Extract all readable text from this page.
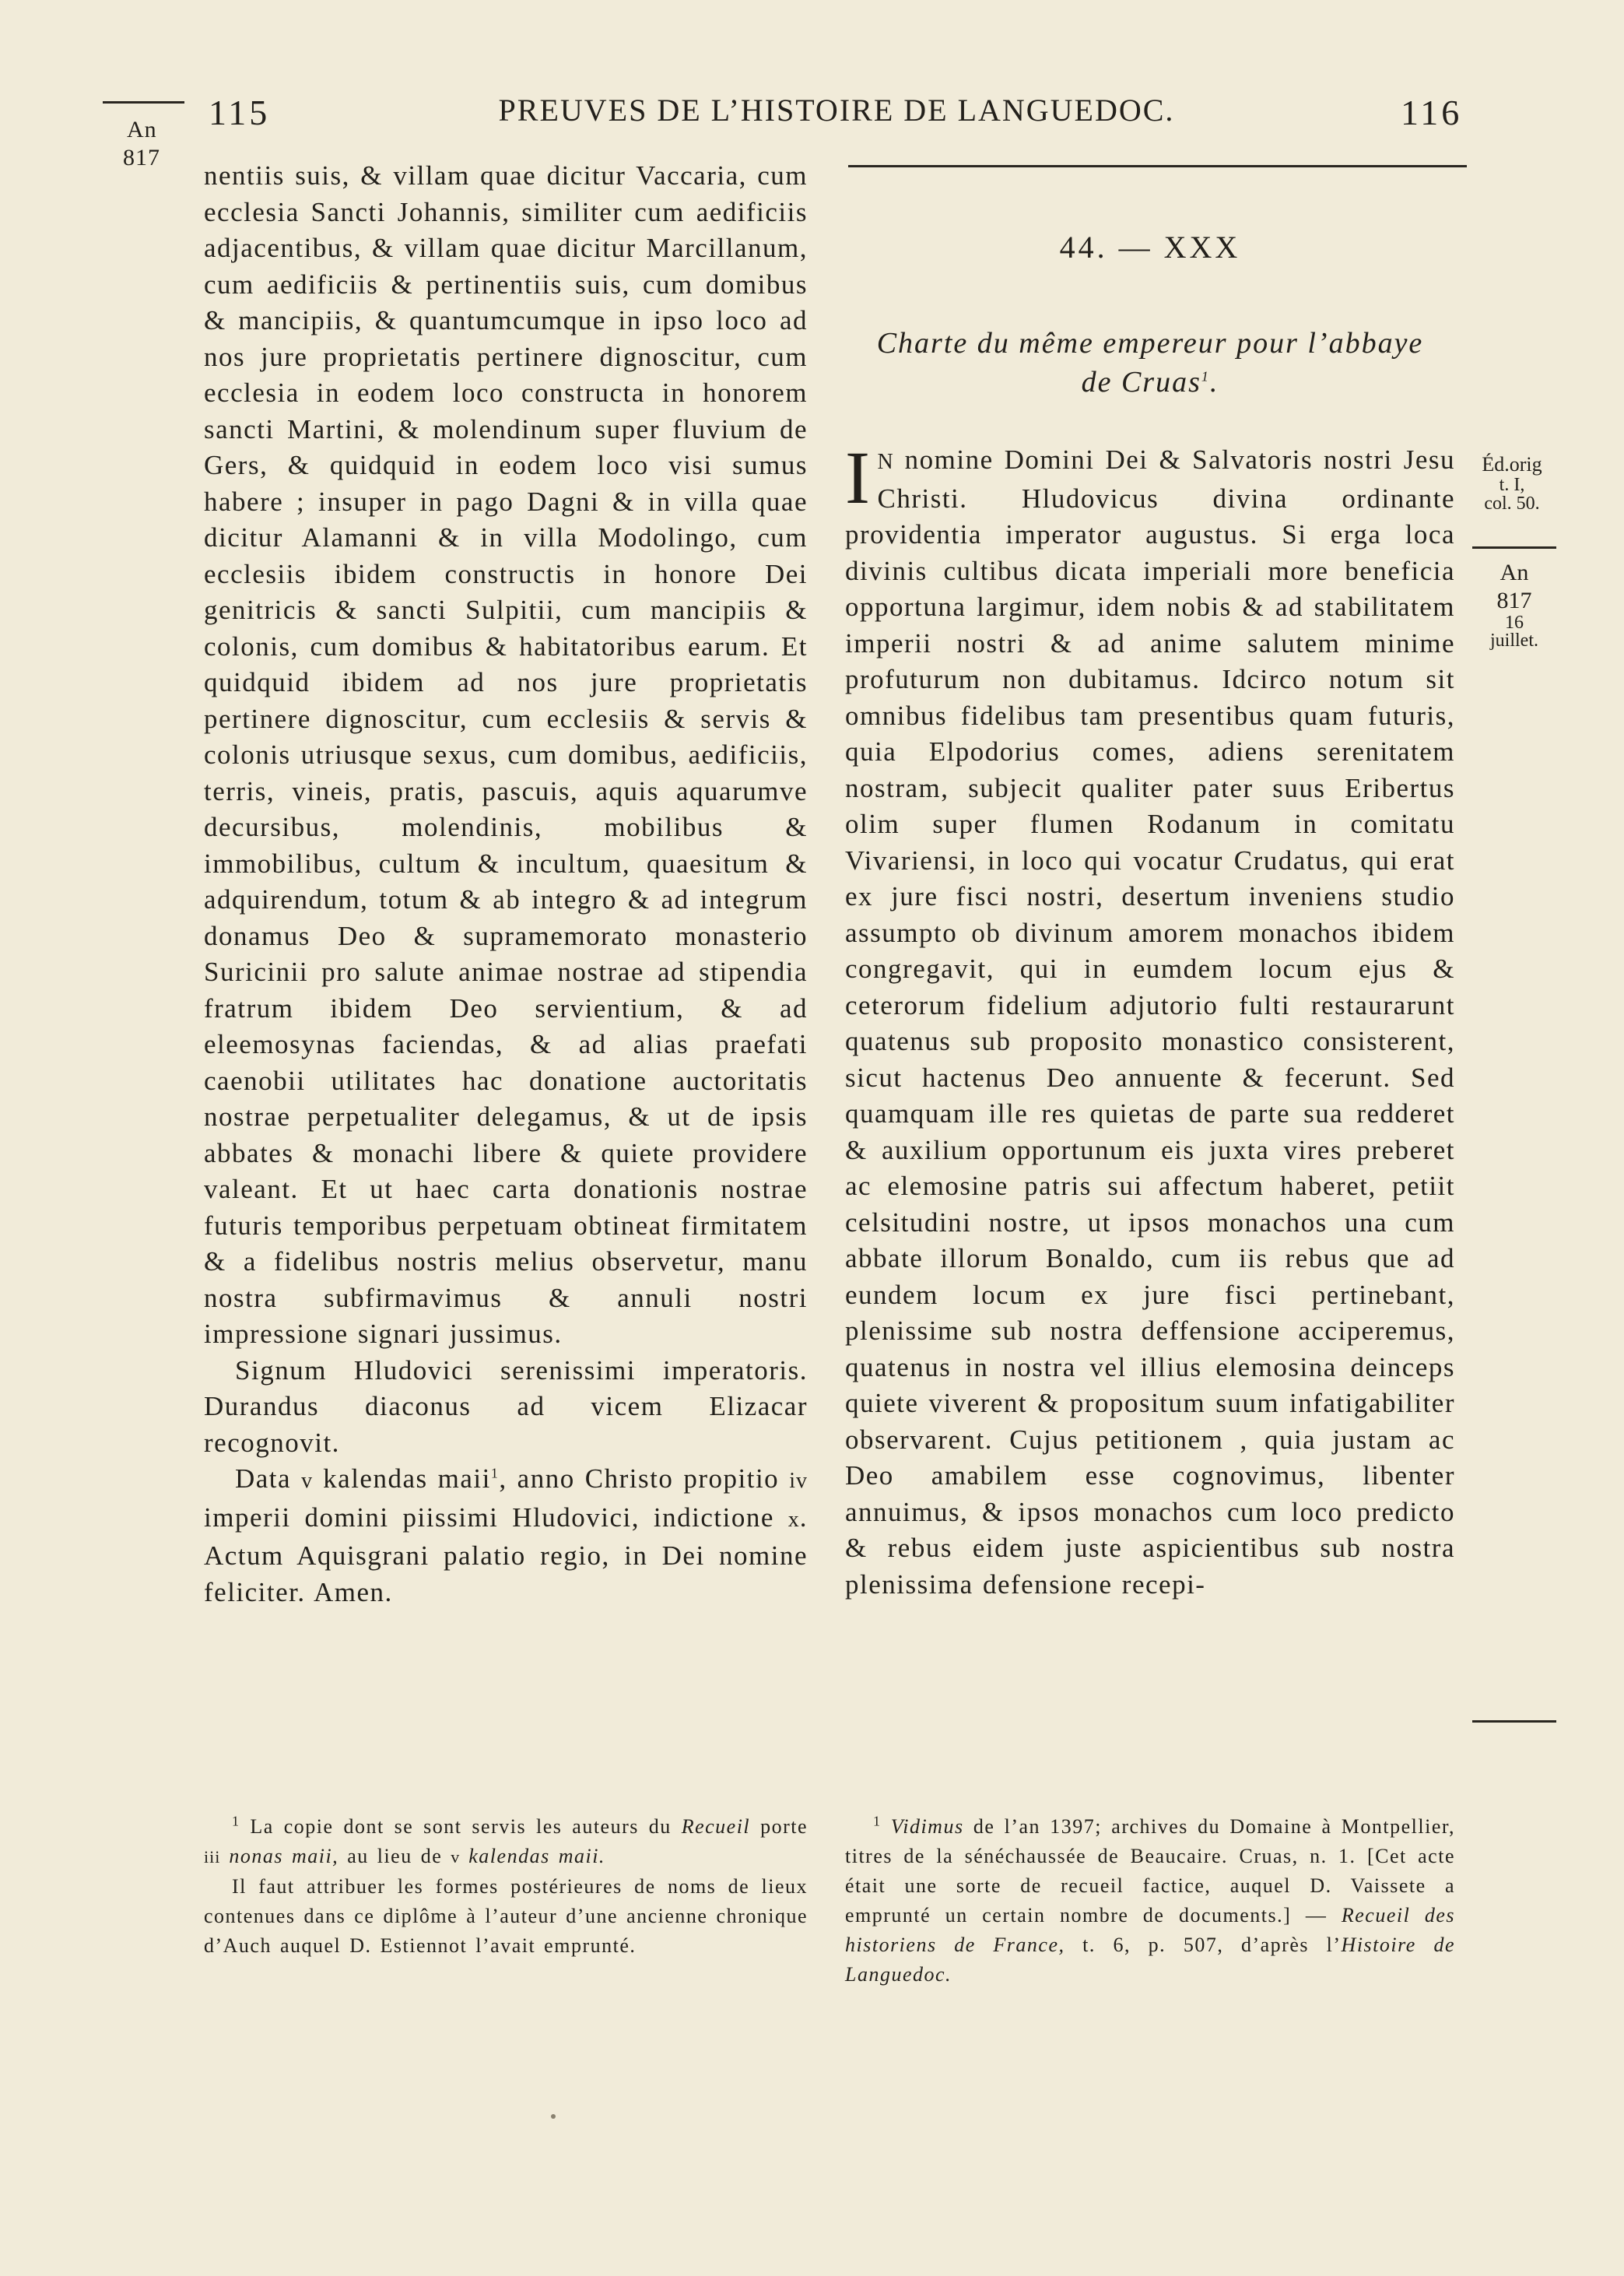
An
817
115	PREUVES DE L’HISTOIRE DE LANGUEDOC.	116

nentiis suis, & villam quae dicitur Vaccaria, cum ecclesia Sancti Johannis, similiter cum aedificiis adjacentibus, & villam quae dicitur Marcillanum, cum aedificiis & pertinentiis suis, cum domibus & mancipiis, & quantumcumque in ipso loco ad nos jure proprietatis pertinere dignoscitur, cum ecclesia in eodem loco constructa in honorem sancti Martini, & molendinum super fluvium de Gers, & quidquid in eodem loco visi sumus habere ; insuper in pago Dagni & in villa quae dicitur Alamanni & in villa Modolingo, cum ecclesiis ibidem constructis in honore Dei genitricis & sancti Sulpitii, cum mancipiis & colonis, cum domibus & habitatoribus earum. Et quidquid ibidem ad nos jure proprietatis pertinere dignoscitur, cum ecclesiis & servis & colonis utriusque sexus, cum domibus, aedificiis, terris, vineis, pratis, pascuis, aquis aquarumve decursibus, molendinis, mobilibus & immobilibus, cultum & incultum, quaesitum & adquirendum, totum & ab integro & ad integrum donamus Deo & supramemorato monasterio Suricinii pro salute animae nostrae ad stipendia fratrum ibidem Deo servientium, & ad eleemosynas faciendas, & ad alias praefati caenobii utilitates hac donatione auctoritatis nostrae perpetualiter delegamus, & ut de ipsis abbates & monachi libere & quiete providere valeant. Et ut haec carta donationis nostrae futuris temporibus perpetuam obtineat firmitatem & a fidelibus nostris melius observetur, manu nostra subfirmavimus & annuli nostri impressione signari jussimus.

Signum Hludovici serenissimi imperatoris. Durandus diaconus ad vicem Elizacar recognovit.

Data v kalendas maii$^1$, anno Christo propitio iv imperii domini piissimi Hludovici, indictione x. Actum Aquisgrani palatio regio, in Dei nomine feliciter. Amen.

44. — XXX
Charte du même empereur pour l’abbaye de Cruas$^1$.

I N nomine Domini Dei & Salvatoris nostri Jesu Christi. Hludovicus divina ordinante providentia imperator augustus. Si erga loca divinis cultibus dicata imperiali more beneficia opportuna largimur, idem nobis & ad stabilitatem imperii nostri & ad anime salutem minime profuturum non dubitamus. Idcirco notum sit omnibus fidelibus tam presentibus quam futuris, quia Elpodorius comes, adiens serenitatem nostram, subjecit qualiter pater suus Eribertus olim super flumen Rodanum in comitatu Vivariensi, in loco qui vocatur Crudatus, qui erat ex jure fisci nostri, desertum inveniens studio assumpto ob divinum amorem monachos ibidem congregavit, qui in eumdem locum ejus & ceterorum fidelium adjutorio fulti restaurarunt quatenus sub proposito monastico consisterent, sicut hactenus Deo annuente & fecerunt. Sed quamquam ille res quietas de parte sua redderet & auxilium opportunum eis juxta vires preberet ac elemosine patris sui affectum haberet, petiit celsitudini nostre, ut ipsos monachos una cum abbate illorum Bonaldo, cum iis rebus que ad eundem locum ex jure fisci pertinebant, plenissime sub nostra deffensione acciperemus, quatenus in nostra vel illius elemosina deinceps quiete viverent & propositum suum infatigabiliter observarent. Cujus petitionem , quia justam ac Deo amabilem esse cognovimus, libenter annuimus, & ipsos monachos cum loco predicto & rebus eidem juste aspicientibus sub nostra plenissima defensione recepi-

Éd.orig
t. I,
col. 50.
An
817
16
juillet.

$^1$ La copie dont se sont servis les auteurs du Recueil porte iii nonas maii, au lieu de v kalendas maii.

Il faut attribuer les formes postérieures de noms de lieux contenues dans ce diplôme à l’auteur d’une ancienne chronique d’Auch auquel D. Estiennot l’avait emprunté.

$^1$ Vidimus de l’an 1397; archives du Domaine à Montpellier, titres de la sénéchaussée de Beaucaire. Cruas, n. 1. [Cet acte était une sorte de recueil factice, auquel D. Vaissete a emprunté un certain nombre de documents.] — Recueil des historiens de France, t. 6, p. 507, d’après l’Histoire de Languedoc.
